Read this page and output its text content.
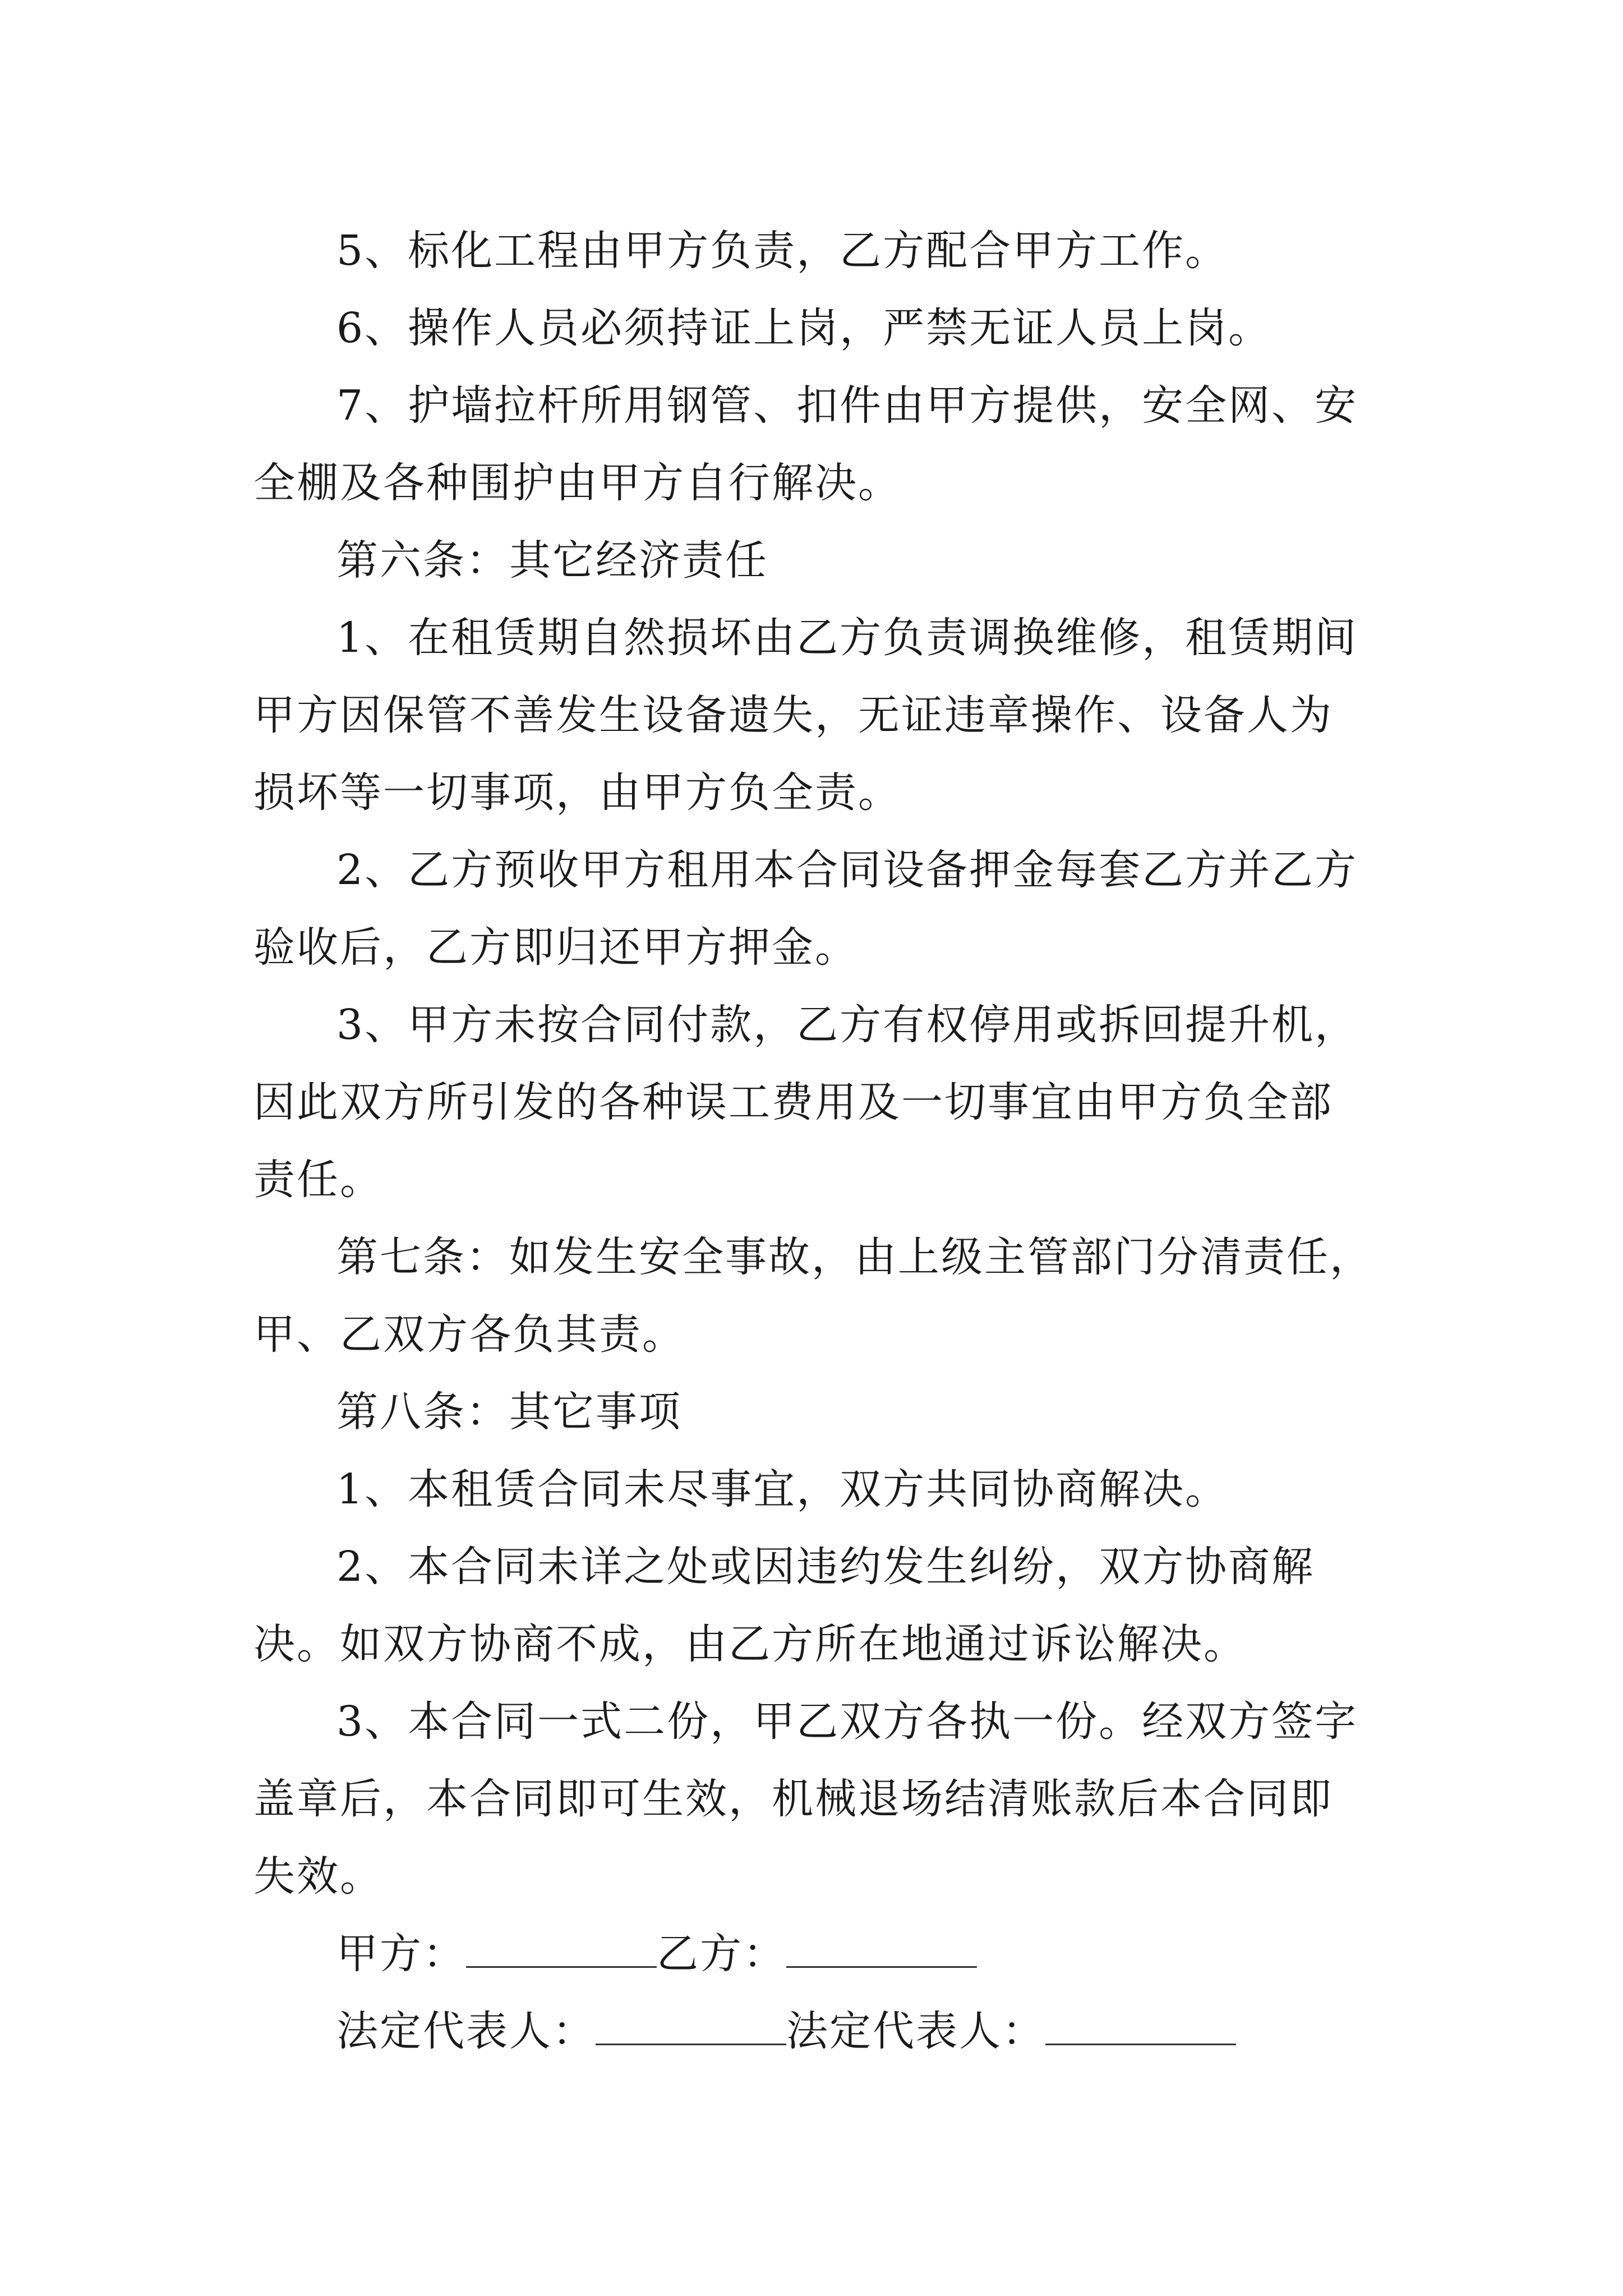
5、标化工程由甲方负责，乙方配合甲方工作。

6、操作人员必须持证上岗，严禁无证人员上岗。

7、护墙拉杆所用钢管、扣件由甲方提供，安全网、安全棚及各种围护由甲方自行解决。

第六条：其它经济责任

1、在租赁期自然损坏由乙方负责调换维修，租赁期间甲方因保管不善发生设备遗失，无证违章操作、设备人为损坏等一切事项，由甲方负全责。

2、乙方预收甲方租用本合同设备押金每套乙方并乙方验收后，乙方即归还甲方押金。

3、甲方未按合同付款，乙方有权停用或拆回提升机，因此双方所引发的各种误工费用及一切事宜由甲方负全部责任。

第七条：如发生安全事故，由上级主管部门分清责任，甲、乙双方各负其责。

第八条：其它事项

1、本租赁合同未尽事宜，双方共同协商解决。

2、本合同未详之处或因违约发生纠纷，双方协商解决。如双方协商不成，由乙方所在地通过诉讼解决。

3、本合同一式二份，甲乙双方各执一份。经双方签字盖章后，本合同即可生效，机械退场结清账款后本合同即失效。

甲方：	乙方：

法定代表人：	法定代表人：
